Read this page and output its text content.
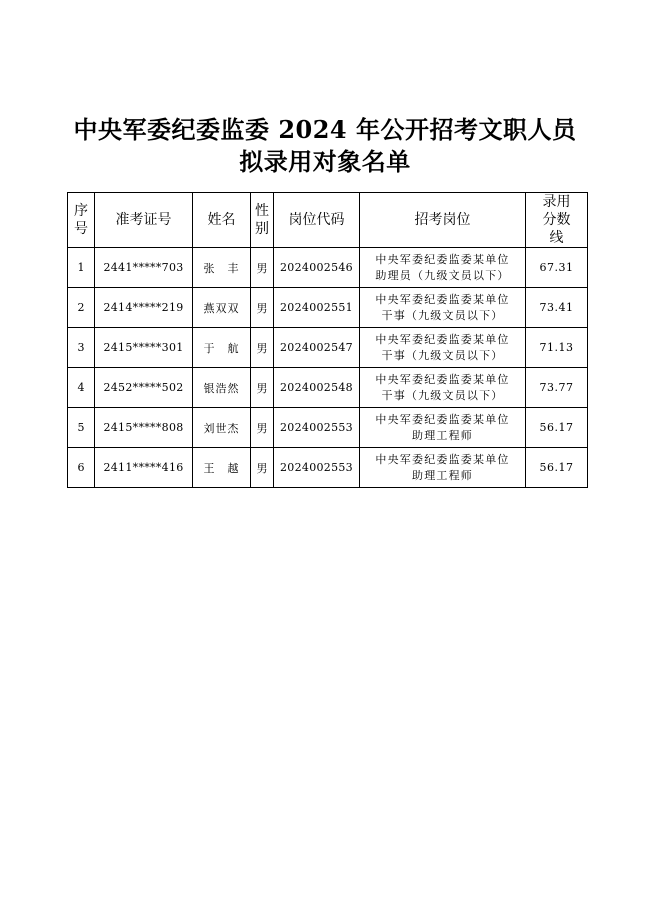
中央军委纪委监委 2024 年公开招考文职人员
拟录用对象名单
序号	准考证号	姓名	性别	岗位代码	招考岗位	录用分数线
1	2441*****703	张　丰	男	2024002546	中央军委纪委监委某单位
助理员（九级文员以下）	67.31
2	2414*****219	燕双双	男	2024002551	中央军委纪委监委某单位
干事（九级文员以下）	73.41
3	2415*****301	于　航	男	2024002547	中央军委纪委监委某单位
干事（九级文员以下）	71.13
4	2452*****502	银浩然	男	2024002548	中央军委纪委监委某单位
干事（九级文员以下）	73.77
5	2415*****808	刘世杰	男	2024002553	中央军委纪委监委某单位
助理工程师	56.17
6	2411*****416	王　越	男	2024002553	中央军委纪委监委某单位
助理工程师	56.17
